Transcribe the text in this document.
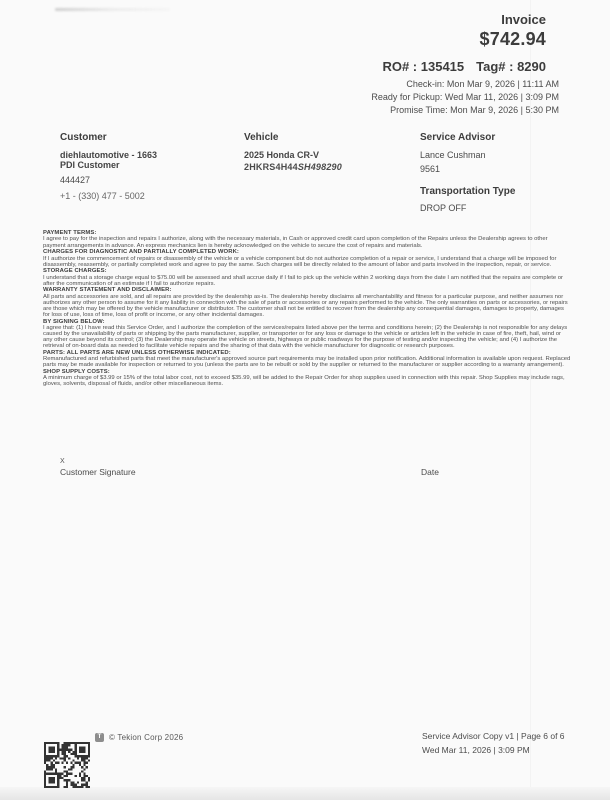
Invoice
$742.94
RO# : 135415 Tag# : 8290
Check-in: Mon Mar 9, 2026 | 11:11 AM
Ready for Pickup: Wed Mar 11, 2026 | 3:09 PM
Promise Time: Mon Mar 9, 2026 | 5:30 PM
Customer
diehlautomotive - 1663
PDI Customer
444427
+1 - (330) 477 - 5002
Vehicle
2025 Honda CR-V
2HKRS4H44SH498290
Service Advisor
Lance Cushman
9561
Transportation Type
DROP OFF
PAYMENT TERMS:
I agree to pay for the inspection and repairs I authorize, along with the necessary materials, in Cash or approved credit card upon completion of the Repairs unless the Dealership agrees to other payment arrangements in advance. An express mechanics lien is hereby acknowledged on the vehicle to secure the cost of repairs and materials.
CHARGES FOR DIAGNOSTIC AND PARTIALLY COMPLETED WORK:
If I authorize the commencement of repairs or disassembly of the vehicle or a vehicle component but do not authorize completion of a repair or service, I understand that a charge will be imposed for disassembly, reassembly, or partially completed work and agree to pay the same. Such charges will be directly related to the amount of labor and parts involved in the inspection, repair, or service.
STORAGE CHARGES:
I understand that a storage charge equal to $75.00 will be assessed and shall accrue daily if I fail to pick up the vehicle within 2 working days from the date I am notified that the repairs are complete or after the communication of an estimate if I fail to authorize repairs.
WARRANTY STATEMENT AND DISCLAIMER:
All parts and accessories are sold, and all repairs are provided by the dealership as-is. The dealership hereby disclaims all merchantability and fitness for a particular purpose, and neither assumes nor authorizes any other person to assume for it any liability in connection with the sale of parts or accessories or any repairs performed to the vehicle. The only warranties on parts or accessories, or repairs are those which may be offered by the vehicle manufacturer or distributor. The customer shall not be entitled to recover from the dealership any consequential damages, damages to property, damages for loss of use, loss of time, loss of profit or income, or any other incidental damages.
BY SIGNING BELOW:
I agree that: (1) I have read this Service Order, and I authorize the completion of the services/repairs listed above per the terms and conditions herein; (2) the Dealership is not responsible for any delays caused by the unavailability of parts or shipping by the parts manufacturer, supplier, or transporter or for any loss or damage to the vehicle or articles left in the vehicle in case of fire, theft, hail, wind or any other cause beyond its control; (3) the Dealership may operate the vehicle on streets, highways or public roadways for the purpose of testing and/or inspecting the vehicle; and (4) I authorize the retrieval of on-board data as needed to facilitate vehicle repairs and the sharing of that data with the vehicle manufacturer for diagnostic or research purposes.
PARTS: ALL PARTS ARE NEW UNLESS OTHERWISE INDICATED:
Remanufactured and refurbished parts that meet the manufacturer's approved source part requirements may be installed upon prior notification. Additional information is available upon request. Replaced parts may be made available for inspection or returned to you (unless the parts are to be rebuilt or sold by the supplier or returned to the manufacturer or supplier according to a warranty arrangement).
SHOP SUPPLY COSTS:
A minimum charge of $3.99 or 15% of the total labor cost, not to exceed $35.99, will be added to the Repair Order for shop supplies used in connection with this repair. Shop Supplies may include rags, gloves, solvents, disposal of fluids, and/or other miscellaneous items.
X
Customer Signature	Date
T © Tekion Corp 2026	Service Advisor Copy v1 | Page 6 of 6
Wed Mar 11, 2026 | 3:09 PM
